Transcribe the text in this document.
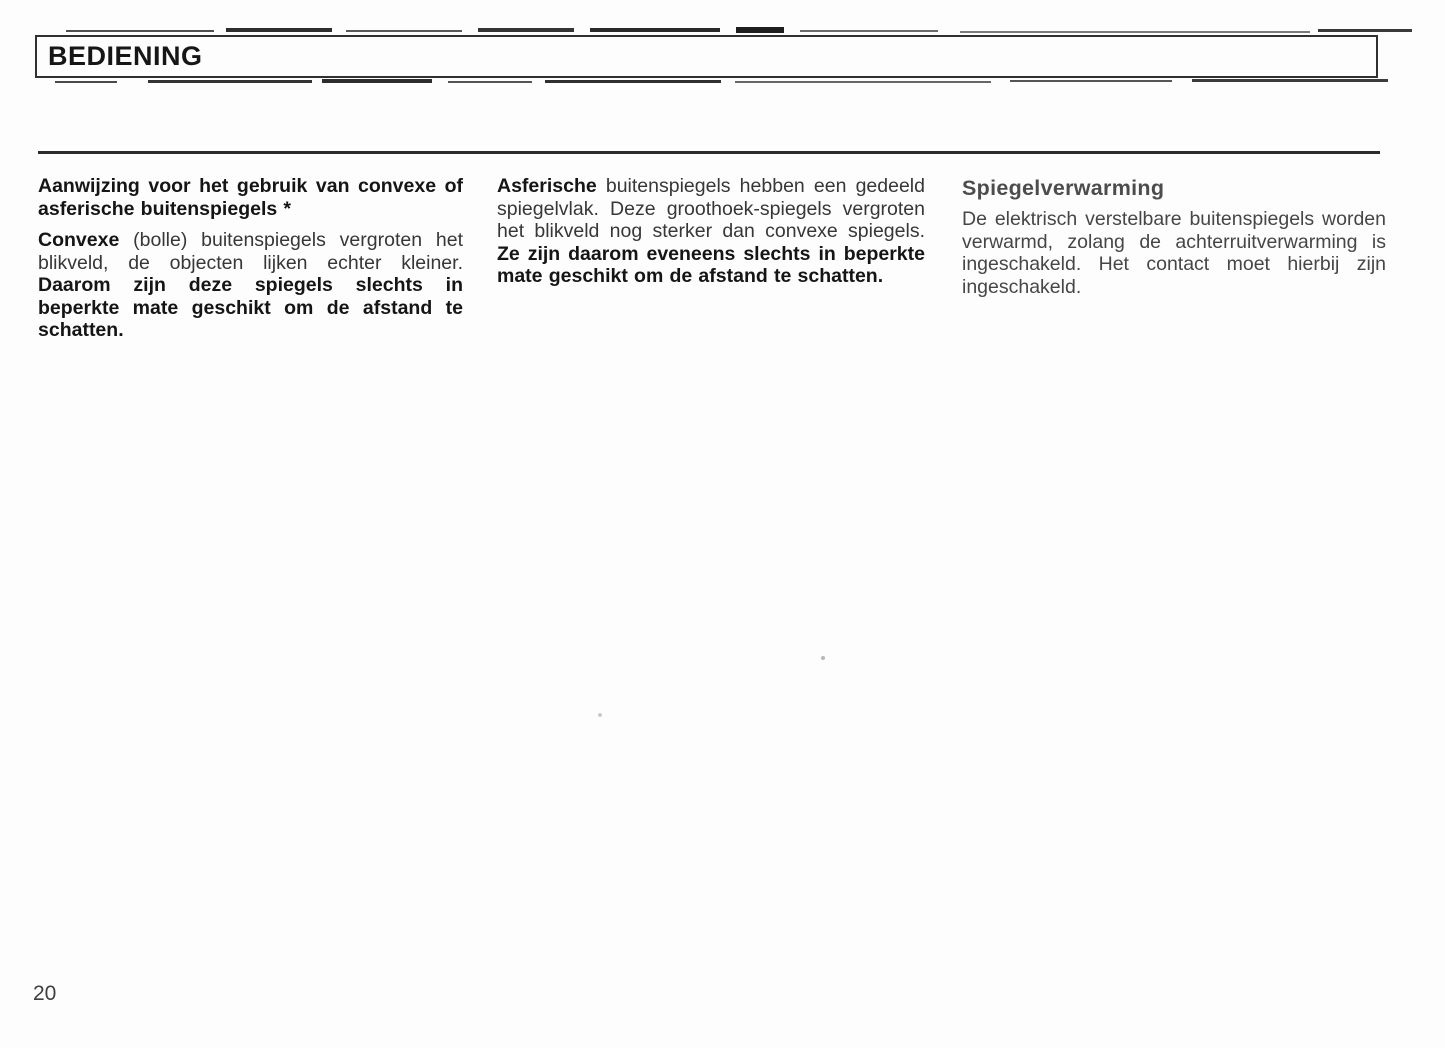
BEDIENING
Aanwijzing voor het gebruik van convexe of asferische buitenspiegels *

Convexe (bolle) buitenspiegels vergroten het blikveld, de objecten lijken echter kleiner. Daarom zijn deze spiegels slechts in beperkte mate geschikt om de afstand te schatten.

Asferische buitenspiegels hebben een gedeeld spiegelvlak. Deze groothoek-spiegels vergroten het blikveld nog sterker dan convexe spiegels. Ze zijn daarom eveneens slechts in beperkte mate geschikt om de afstand te schatten.

Spiegelverwarming

De elektrisch verstelbare buitenspiegels worden verwarmd, zolang de achterruitverwarming is ingeschakeld. Het contact moet hierbij zijn ingeschakeld.

20
